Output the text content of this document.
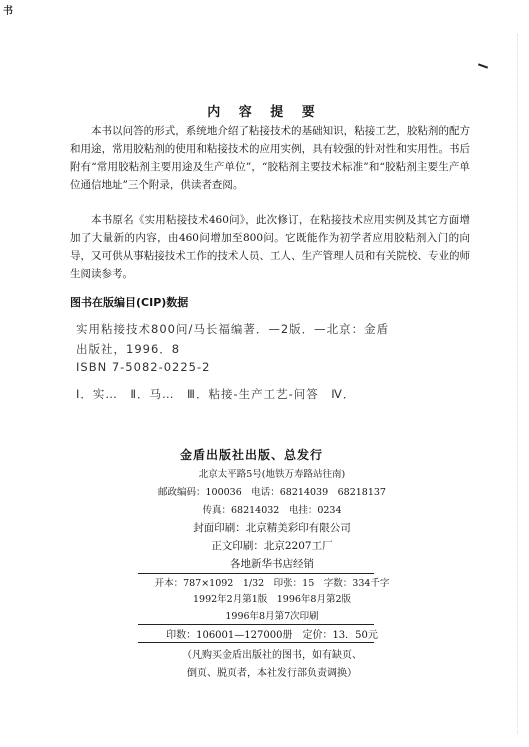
书
内 容 提 要

本书以问答的形式，系统地介绍了粘接技术的基础知识，粘接工艺，胶粘剂的配方和用途，常用胶粘剂的使用和粘接技术的应用实例，具有较强的针对性和实用性。书后附有“常用胶粘剂主要用途及生产单位”，“胶粘剂主要技术标准”和“胶粘剂主要生产单位通信地址”三个附录，供读者查阅。

本书原名《实用粘接技术460问》，此次修订，在粘接技术应用实例及其它方面增加了大量新的内容，由460问增加至800问。它既能作为初学者应用胶粘剂入门的向导，又可供从事粘接技术工作的技术人员、工人、生产管理人员和有关院校、专业的师生阅读参考。

图书在版编目(CIP)数据
实用粘接技术800问/马长福编著．—2版．—北京：金盾
出版社，1996．8
ISBN 7-5082-0225-2
Ⅰ．实…　Ⅱ．马…　Ⅲ．粘接-生产工艺-问答　Ⅳ．
金盾出版社出版、总发行
北京太平路5号(地铁万寿路站往南)
邮政编码：100036　电话：68214039　68218137
传真：68214032　电挂：0234
封面印刷：北京精美彩印有限公司
正文印刷：北京2207工厂
各地新华书店经销
开本：787×1092　1/32　印张：15　字数：334千字
1992年2月第1版　1996年8月第2版
1996年8月第7次印刷
印数：106001—127000册　定价：13．50元
（凡购买金盾出版社的图书，如有缺页、
倒页、脱页者，本社发行部负责调换）
